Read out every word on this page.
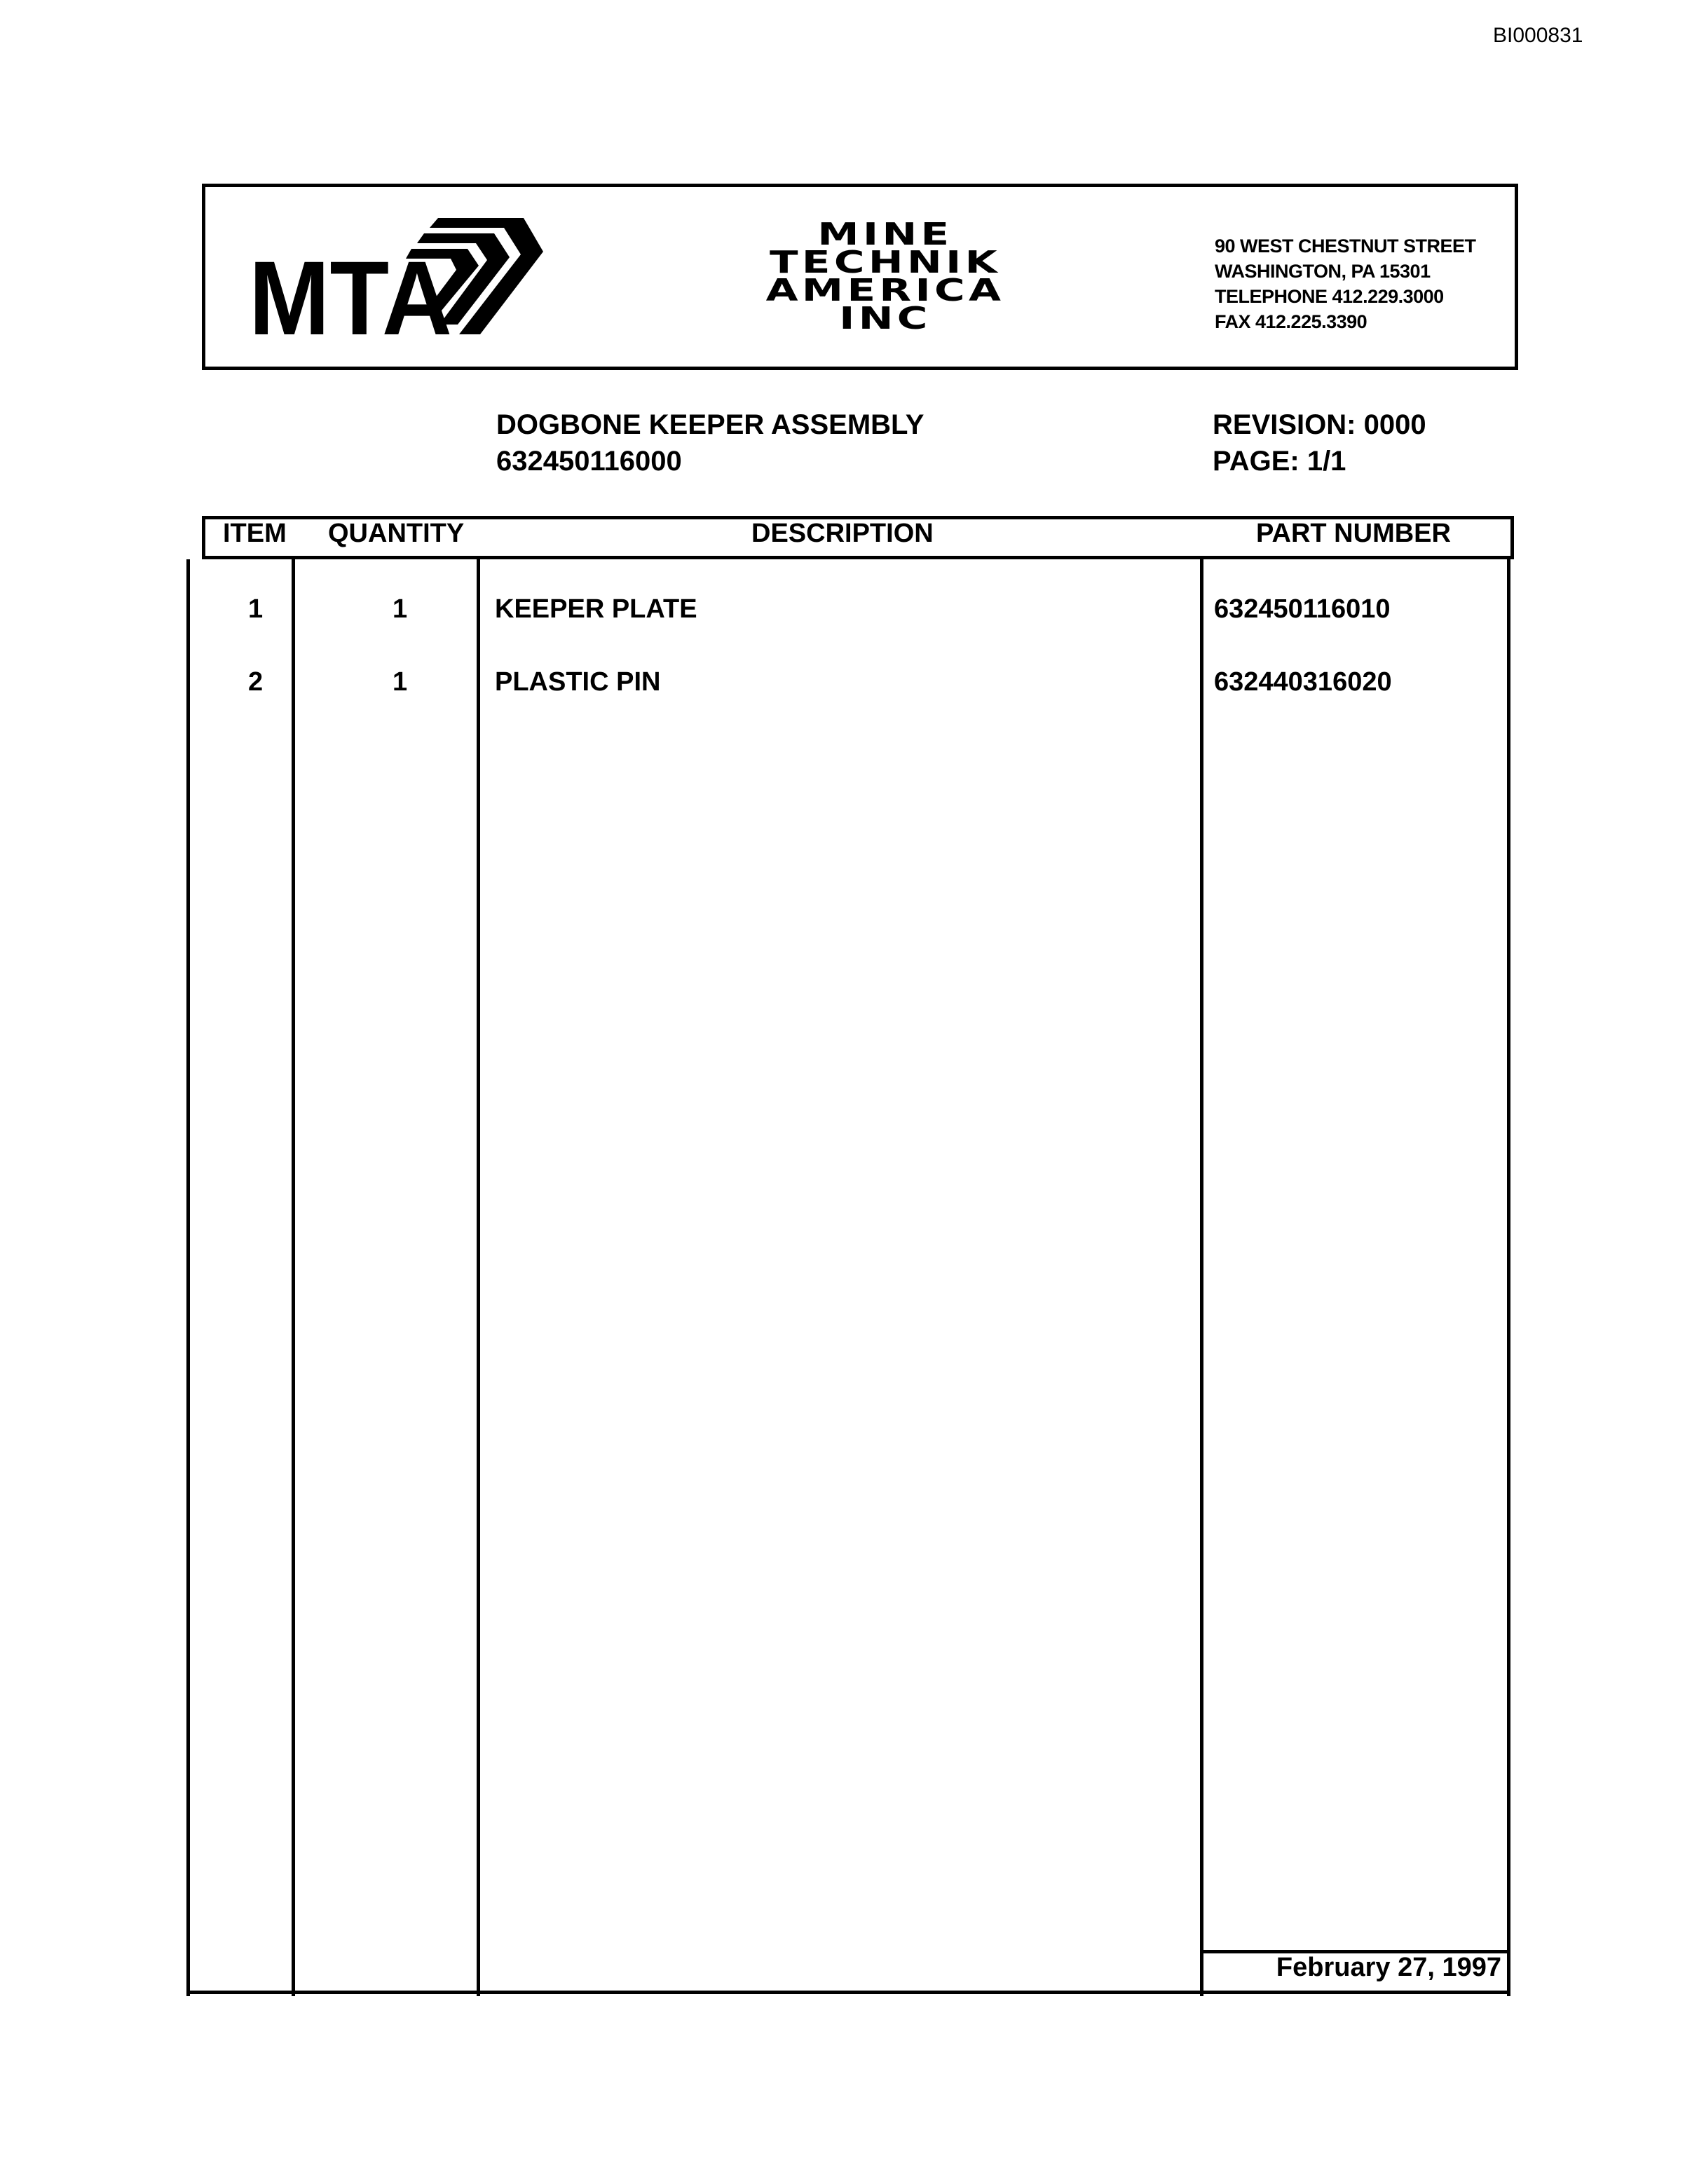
BI000831
MTA
MINE
TECHNIK
AMERICA
INC
90 WEST CHESTNUT STREET
WASHINGTON, PA 15301
TELEPHONE 412.229.3000
FAX 412.225.3390
DOGBONE KEEPER ASSEMBLY
632450116000
REVISION: 0000
PAGE: 1/1
ITEM QUANTITY	DESCRIPTION	PART NUMBER
1	1	KEEPER PLATE	632450116010
2	1	PLASTIC PIN	632440316020
February 27, 1997
